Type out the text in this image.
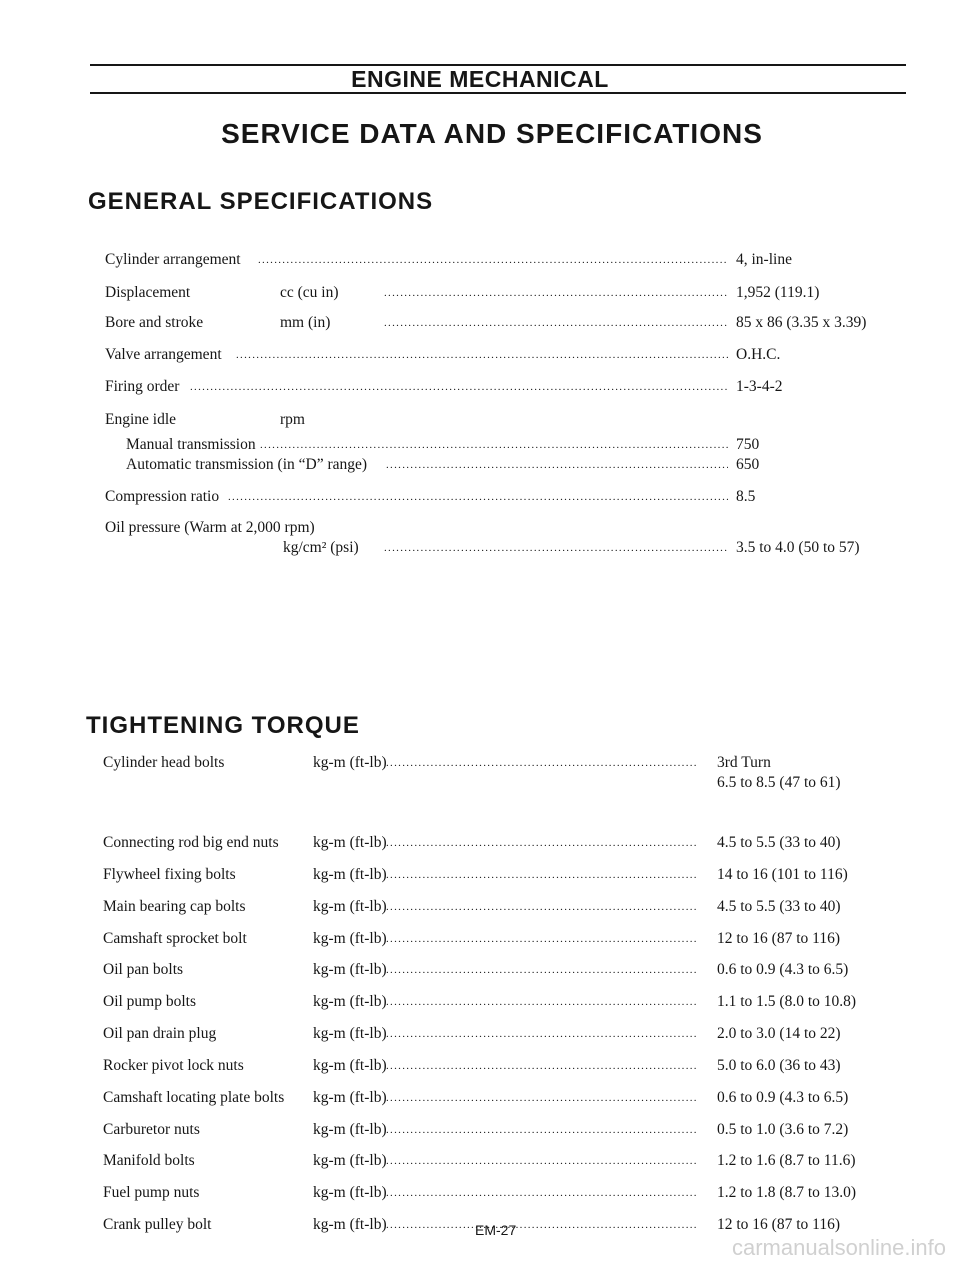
ENGINE MECHANICAL
SERVICE DATA AND SPECIFICATIONS
GENERAL SPECIFICATIONS
Cylinder arrangement .....	4, in-line
Displacement	cc (cu in) .....	1,952 (119.1)
Bore and stroke	mm (in) .....	85 x 86 (3.35 x 3.39)
Valve arrangement .....	O.H.C.
Firing order .....	1-3-4-2
Engine idle	rpm
Manual transmission .....	750
Automatic transmission (in “D” range) .....	650
Compression ratio .....	8.5
Oil pressure (Warm at 2,000 rpm)
kg/cm² (psi) .....	3.5 to 4.0 (50 to 57)
TIGHTENING TORQUE
Cylinder head bolts	kg-m (ft-lb) .....	3rd Turn
6.5 to 8.5 (47 to 61)
Connecting rod big end nuts kg-m (ft-lb) .....	4.5 to 5.5 (33 to 40)
Flywheel fixing bolts	kg-m (ft-lb) .....	14 to 16 (101 to 116)
Main bearing cap bolts	kg-m (ft-lb) .....	4.5 to 5.5 (33 to 40)
Camshaft sprocket bolt	kg-m (ft-lb) .....	12 to 16 (87 to 116)
Oil pan bolts	kg-m (ft-lb) .....	0.6 to 0.9 (4.3 to 6.5)
Oil pump bolts	kg-m (ft-lb) .....	1.1 to 1.5 (8.0 to 10.8)
Oil pan drain plug	kg-m (ft-lb) .....	2.0 to 3.0 (14 to 22)
Rocker pivot lock nuts	kg-m (ft-lb) .....	5.0 to 6.0 (36 to 43)
Camshaft locating plate bolts kg-m (ft-lb) .....	0.6 to 0.9 (4.3 to 6.5)
Carburetor nuts	kg-m (ft-lb) .....	0.5 to 1.0 (3.6 to 7.2)
Manifold bolts	kg-m (ft-lb) .....	1.2 to 1.6 (8.7 to 11.6)
Fuel pump nuts	kg-m (ft-lb) .....	1.2 to 1.8 (8.7 to 13.0)
Crank pulley bolt	kg-m (ft-lb) .....	12 to 16 (87 to 116)
EM-27
carmanualsonline.info
